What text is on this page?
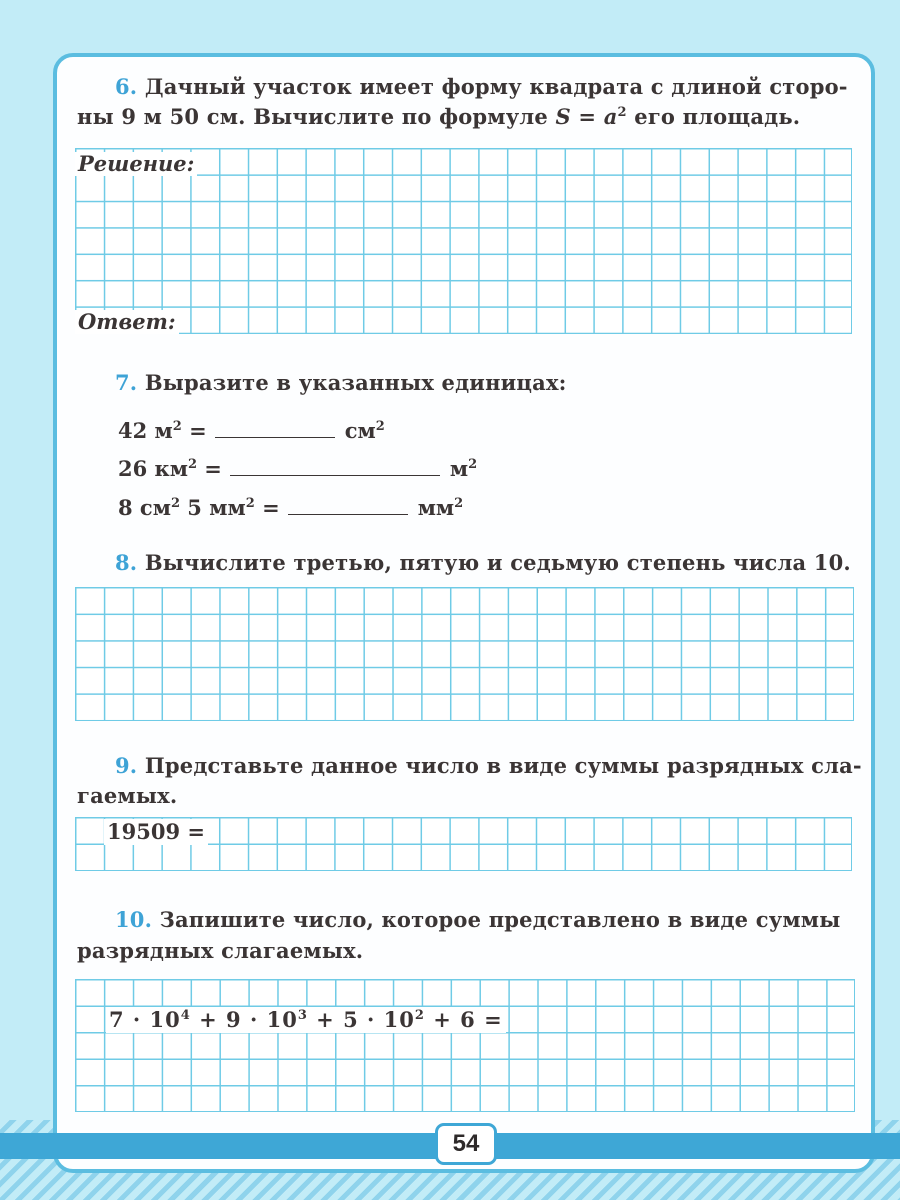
6. Дачный участок имеет форму квадрата с длиной сторо-
ны 9 м 50 см. Вычислите по формуле $S = a^2$ его площадь.
Решение:
Ответ:
7. Выразите в указанных единицах:
42 $м^2$ =	$см^2$
26 $км^2$ =	$м^2$
8 $см^2$ 5 $мм^2$ =	$мм^2$
8. Вычислите третью, пятую и седьмую степень числа 10.
9. Представьте данное число в виде суммы разрядных сла-
гаемых.
19509 =
10. Запишите число, которое представлено в виде суммы
разрядных слагаемых.
$7 \cdot 10^4 + 9 \cdot 10^3 + 5 \cdot 10^2 + 6$ =
54
